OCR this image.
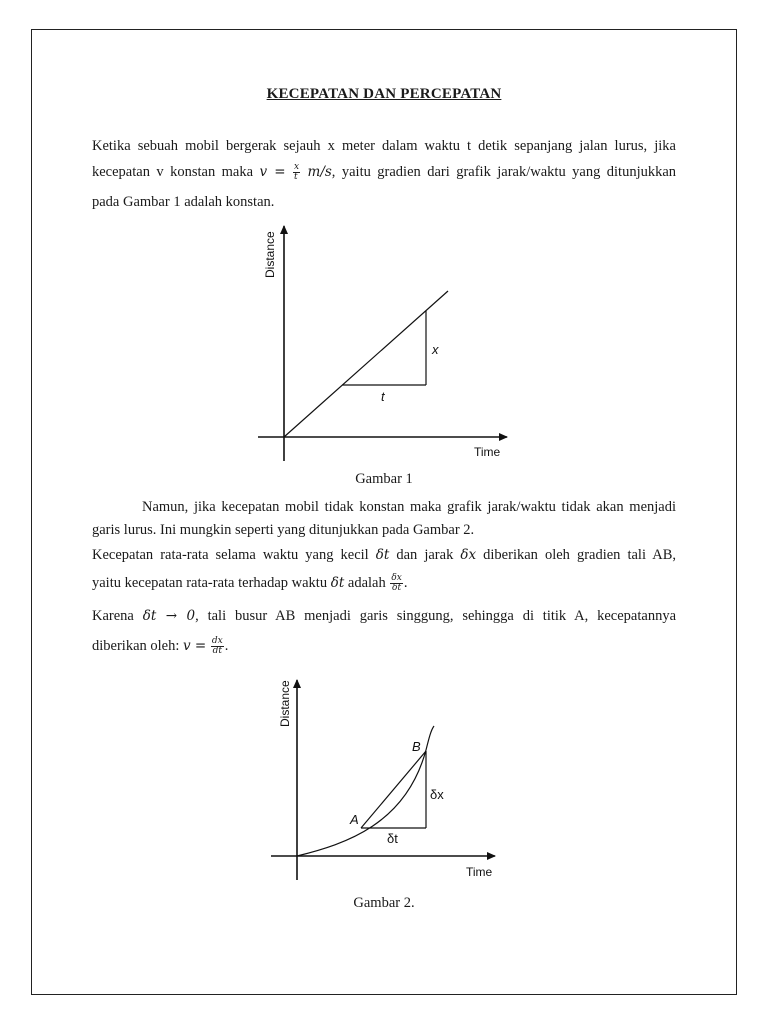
KECEPATAN DAN PERCEPATAN
Ketika sebuah mobil bergerak sejauh x meter dalam waktu t detik sepanjang jalan lurus, jika
kecepatan v konstan maka $v = \frac{x}{t} m/s$, yaitu gradien dari grafik jarak/waktu yang ditunjukkan
pada Gambar 1 adalah konstan.
Distance
Time
x
t
Gambar 1
Namun, jika kecepatan mobil tidak konstan maka grafik jarak/waktu tidak akan menjadi
garis lurus. Ini mungkin seperti yang ditunjukkan pada Gambar 2.
Kecepatan rata-rata selama waktu yang kecil δt dan jarak δx diberikan oleh gradien tali AB,
yaitu kecepatan rata-rata terhadap waktu δt adalah $\frac{\delta x}{\delta t}$ .
Karena δt → 0, tali busur AB menjadi garis singgung, sehingga di titik A, kecepatannya
diberikan oleh: $v = \frac{dx}{dt}$ .
Distance
Time
A
B
δx
δt
Gambar 2.
